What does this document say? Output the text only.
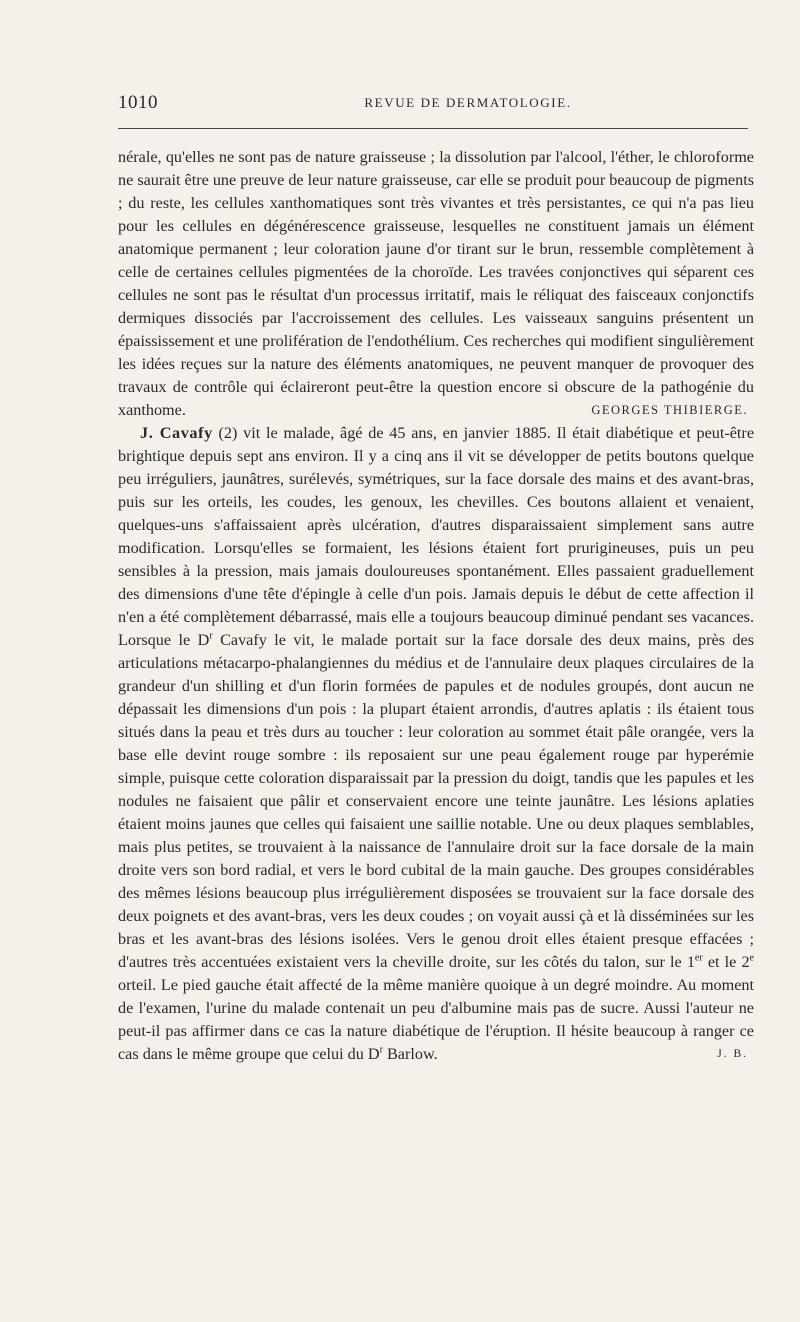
1010	REVUE DE DERMATOLOGIE.

nérale, qu'elles ne sont pas de nature graisseuse ; la dissolution par l'alcool, l'éther, le chloroforme ne saurait être une preuve de leur nature graisseuse, car elle se produit pour beaucoup de pigments ; du reste, les cellules xanthomatiques sont très vivantes et très persistantes, ce qui n'a pas lieu pour les cellules en dégénérescence graisseuse, lesquelles ne constituent jamais un élément anatomique permanent ; leur coloration jaune d'or tirant sur le brun, ressemble complètement à celle de certaines cellules pigmentées de la choroïde. Les travées conjonctives qui séparent ces cellules ne sont pas le résultat d'un processus irritatif, mais le réliquat des faisceaux conjonctifs dermiques dissociés par l'accroissement des cellules. Les vaisseaux sanguins présentent un épaississement et une prolifération de l'endothélium. Ces recherches qui modifient singulièrement les idées reçues sur la nature des éléments anatomiques, ne peuvent manquer de provoquer des travaux de contrôle qui éclaireront peut-être la question encore si obscure de la pathogénie du xanthome.	GEORGES THIBIERGE.

J. Cavafy (2) vit le malade, âgé de 45 ans, en janvier 1885. Il était diabétique et peut-être brightique depuis sept ans environ. Il y a cinq ans il vit se développer de petits boutons quelque peu irréguliers, jaunâtres, surélevés, symétriques, sur la face dorsale des mains et des avant-bras, puis sur les orteils, les coudes, les genoux, les chevilles. Ces boutons allaient et venaient, quelques-uns s'affaissaient après ulcération, d'autres disparaissaient simplement sans autre modification. Lorsqu'elles se formaient, les lésions étaient fort prurigineuses, puis un peu sensibles à la pression, mais jamais douloureuses spontanément. Elles passaient graduellement des dimensions d'une tête d'épingle à celle d'un pois. Jamais depuis le début de cette affection il n'en a été complètement débarrassé, mais elle a toujours beaucoup diminué pendant ses vacances. Lorsque le $D^r$ Cavafy le vit, le malade portait sur la face dorsale des deux mains, près des articulations métacarpo-phalangiennes du médius et de l'annulaire deux plaques circulaires de la grandeur d'un shilling et d'un florin formées de papules et de nodules groupés, dont aucun ne dépassait les dimensions d'un pois : la plupart étaient arrondis, d'autres aplatis : ils étaient tous situés dans la peau et très durs au toucher : leur coloration au sommet était pâle orangée, vers la base elle devint rouge sombre : ils reposaient sur une peau également rouge par hyperémie simple, puisque cette coloration disparaissait par la pression du doigt, tandis que les papules et les nodules ne faisaient que pâlir et conservaient encore une teinte jaunâtre. Les lésions aplaties étaient moins jaunes que celles qui faisaient une saillie notable. Une ou deux plaques semblables, mais plus petites, se trouvaient à la naissance de l'annulaire droit sur la face dorsale de la main droite vers son bord radial, et vers le bord cubital de la main gauche. Des groupes considérables des mêmes lésions beaucoup plus irrégulièrement disposées se trouvaient sur la face dorsale des deux poignets et des avant-bras, vers les deux coudes ; on voyait aussi çà et là disséminées sur les bras et les avant-bras des lésions isolées. Vers le genou droit elles étaient presque effacées ; d'autres très accentuées existaient vers la cheville droite, sur les côtés du talon, sur le 1er et le 2e orteil. Le pied gauche était affecté de la même manière quoique à un degré moindre. Au moment de l'examen, l'urine du malade contenait un peu d'albumine mais pas de sucre. Aussi l'auteur ne peut-il pas affirmer dans ce cas la nature diabétique de l'éruption. Il hésite beaucoup à ranger ce cas dans le même groupe que celui du $D^r$ Barlow.	J. B.
